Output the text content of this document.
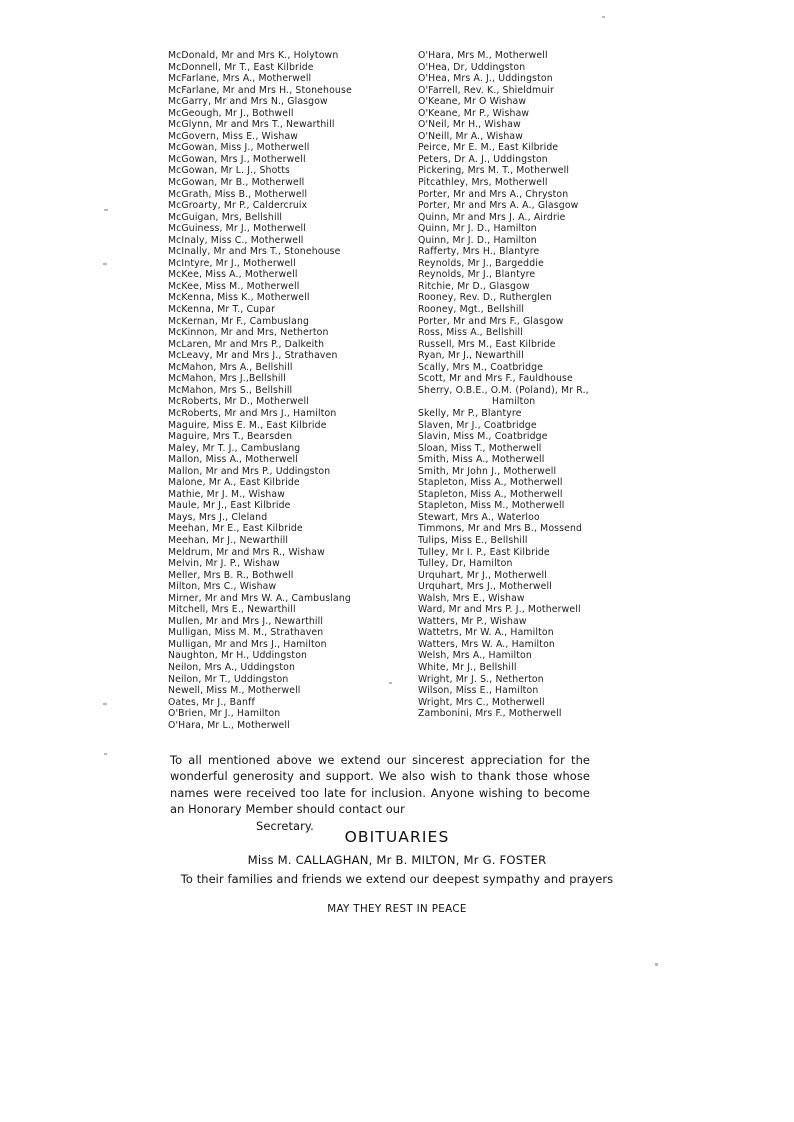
McDonald, Mr and Mrs K., Holytown
McDonnell, Mr T., East Kilbride
McFarlane, Mrs A., Motherwell
McFarlane, Mr and Mrs H., Stonehouse
McGarry, Mr and Mrs N., Glasgow
McGeough, Mr J., Bothwell
McGlynn, Mr and Mrs T., Newarthill
McGovern, Miss E., Wishaw
McGowan, Miss J., Motherwell
McGowan, Mrs J., Motherwell
McGowan, Mr L. J., Shotts
McGowan, Mr B., Motherwell
McGrath, Miss B., Motherwell
McGroarty, Mr P., Caldercruix
McGuigan, Mrs, Bellshill
McGuiness, Mr J., Motherwell
McInaly, Miss C., Motherwell
McInally, Mr and Mrs T., Stonehouse
McIntyre, Mr J., Motherwell
McKee, Miss A., Motherwell
McKee, Miss M., Motherwell
McKenna, Miss K., Motherwell
McKenna, Mr T., Cupar
McKernan, Mr F., Cambuslang
McKinnon, Mr and Mrs, Netherton
McLaren, Mr and Mrs P., Dalkeith
McLeavy, Mr and Mrs J., Strathaven
McMahon, Mrs A., Bellshill
McMahon, Mrs J.,Bellshill
McMahon, Mrs S., Bellshill
McRoberts, Mr D., Motherwell
McRoberts, Mr and Mrs J., Hamilton
Maguire, Miss E. M., East Kilbride
Maguire, Mrs T., Bearsden
Maley, Mr T. J., Cambuslang
Mallon, Miss A., Motherwell
Mallon, Mr and Mrs P., Uddingston
Malone, Mr A., East Kilbride
Mathie, Mr J. M., Wishaw
Maule, Mr J., East Kilbride
Mays, Mrs J., Cleland
Meehan, Mr E., East Kilbride
Meehan, Mr J., Newarthill
Meldrum, Mr and Mrs R., Wishaw
Melvin, Mr J. P., Wishaw
Meller, Mrs B. R., Bothwell
Milton, Mrs C., Wishaw
Mirner, Mr and Mrs W. A., Cambuslang
Mitchell, Mrs E., Newarthill
Mullen, Mr and Mrs J., Newarthill
Mulligan, Miss M. M., Strathaven
Mulligan, Mr and Mrs J., Hamilton
Naughton, Mr H., Uddingston
Neilon, Mrs A., Uddingston
Neilon, Mr T., Uddingston
Newell, Miss M., Motherwell
Oates, Mr J., Banff
O'Brien, Mr J., Hamilton
O'Hara, Mr L., Motherwell
O'Hara, Mrs M., Motherwell
O'Hea, Dr, Uddingston
O'Hea, Mrs A. J., Uddingston
O'Farrell, Rev. K., Shieldmuir
O'Keane, Mr O Wishaw
O'Keane, Mr P., Wishaw
O'Neil, Mr H., Wishaw
O'Neill, Mr A., Wishaw
Peirce, Mr E. M., East Kilbride
Peters, Dr A. J., Uddingston
Pickering, Mrs M. T., Motherwell
Pitcathley, Mrs, Motherwell
Porter, Mr and Mrs A., Chryston
Porter, Mr and Mrs A. A., Glasgow
Quinn, Mr and Mrs J. A., Airdrie
Quinn, Mr J. D., Hamilton
Quinn, Mr J. D., Hamilton
Rafferty, Mrs H., Blantyre
Reynolds, Mr J., Bargeddie
Reynolds, Mr J., Blantyre
Ritchie, Mr D., Glasgow
Rooney, Rev. D., Rutherglen
Rooney, Mgt., Bellshill
Porter, Mr and Mrs F., Glasgow
Ross, Miss A., Bellshill
Russell, Mrs M., East Kilbride
Ryan, Mr J., Newarthill
Scally, Mrs M., Coatbridge
Scott, Mr and Mrs F., Fauldhouse
Sherry, O.B.E., O.M. (Poland), Mr R.,
Hamilton
Skelly, Mr P., Blantyre
Slaven, Mr J., Coatbridge
Slavin, Miss M., Coatbridge
Sloan, Miss T., Motherwell
Smith, Miss A., Motherwell
Smith, Mr John J., Motherwell
Stapleton, Miss A., Motherwell
Stapleton, Miss A., Motherwell
Stapleton, Miss M., Motherwell
Stewart, Mrs A., Waterloo
Timmons, Mr and Mrs B., Mossend
Tulips, Miss E., Bellshill
Tulley, Mr I. P., East Kilbride
Tulley, Dr, Hamilton
Urquhart, Mr J., Motherwell
Urquhart, Mrs J., Motherwell
Walsh, Mrs E., Wishaw
Ward, Mr and Mrs P. J., Motherwell
Watters, Mr P., Wishaw
Wattetrs, Mr W. A., Hamilton
Watters, Mrs W. A., Hamilton
Welsh, Mrs A., Hamilton
White, Mr J., Bellshill
Wright, Mr J. S., Netherton
Wilson, Miss E., Hamilton
Wright, Mrs C., Motherwell
Zambonini, Mrs F., Motherwell
To all mentioned above we extend our sincerest appreciation for the wonderful generosity and support. We also wish to thank those whose names were received too late for inclusion. Anyone wishing to become an Honorary Member should contact our
Secretary.
OBITUARIES
Miss M. CALLAGHAN, Mr B. MILTON, Mr G. FOSTER
To their families and friends we extend our deepest sympathy and prayers
MAY THEY REST IN PEACE
